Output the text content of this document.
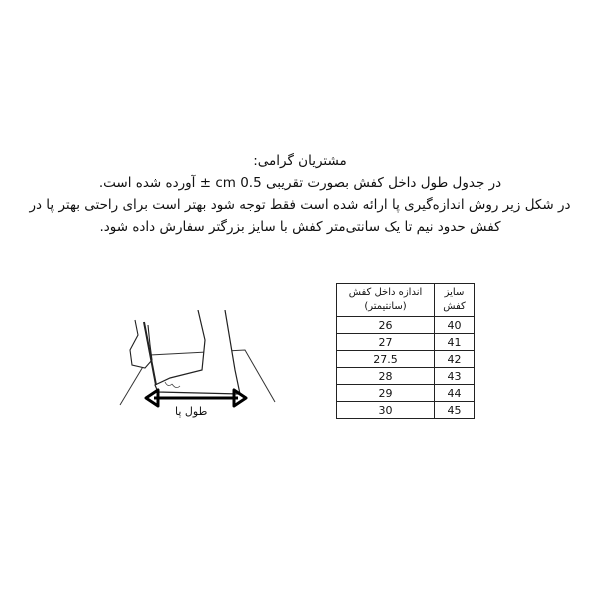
مشتریان گرامی:

در جدول طول داخل کفش بصورت تقریبی 0.5 cm ± آورده شده است.

در شکل زیر روش اندازه‌گیری پا ارائه شده است فقط توجه شود بهتر است برای راحتی بهتر پا در

کفش حدود نیم تا یک سانتی‌متر کفش با سایز بزرگتر سفارش داده شود.

سایز کفش	اندازه داخل کفش (سانتیمتر)
40	26
41	27
42	27.5
43	28
44	29
45	30
طول پا
